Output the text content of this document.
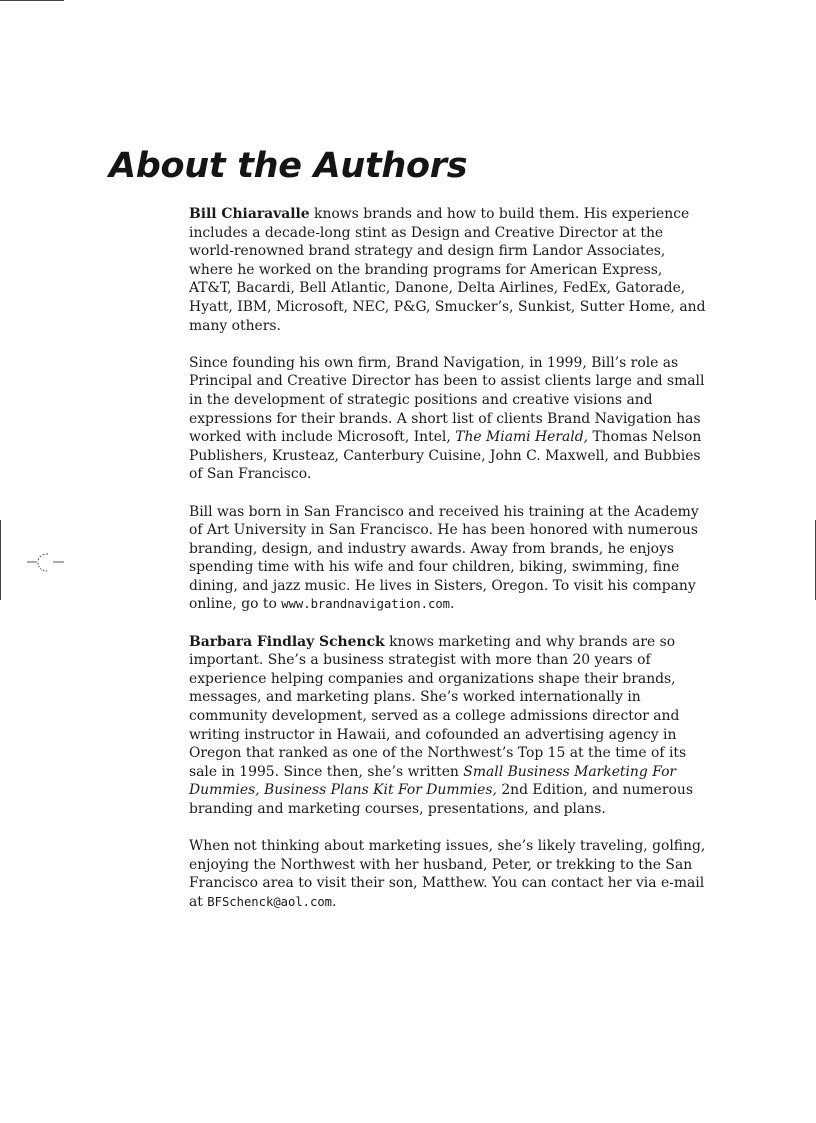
About the Authors

Bill Chiaravalle knows brands and how to build them. His experience includes a decade-long stint as Design and Creative Director at the world-renowned brand strategy and design firm Landor Associates, where he worked on the branding programs for American Express, AT&T, Bacardi, Bell Atlantic, Danone, Delta Airlines, FedEx, Gatorade, Hyatt, IBM, Microsoft, NEC, P&G, Smucker’s, Sunkist, Sutter Home, and many others.

Since founding his own firm, Brand Navigation, in 1999, Bill’s role as Principal and Creative Director has been to assist clients large and small in the development of strategic positions and creative visions and expressions for their brands. A short list of clients Brand Navigation has worked with include Microsoft, Intel, The Miami Herald, Thomas Nelson Publishers, Krusteaz, Canterbury Cuisine, John C. Maxwell, and Bubbies of San Francisco.

Bill was born in San Francisco and received his training at the Academy of Art University in San Francisco. He has been honored with numerous branding, design, and industry awards. Away from brands, he enjoys spending time with his wife and four children, biking, swimming, fine dining, and jazz music. He lives in Sisters, Oregon. To visit his company online, go to www.brandnavigation.com.

Barbara Findlay Schenck knows marketing and why brands are so important. She’s a business strategist with more than 20 years of experience helping companies and organizations shape their brands, messages, and marketing plans. She’s worked internationally in community development, served as a college admissions director and writing instructor in Hawaii, and cofounded an advertising agency in Oregon that ranked as one of the Northwest’s Top 15 at the time of its sale in 1995. Since then, she’s written Small Business Marketing For Dummies, Business Plans Kit For Dummies, 2nd Edition, and numerous branding and marketing courses, presentations, and plans.

When not thinking about marketing issues, she’s likely traveling, golfing, enjoying the Northwest with her husband, Peter, or trekking to the San Francisco area to visit their son, Matthew. You can contact her via e-mail at BFSchenck@aol.com.
